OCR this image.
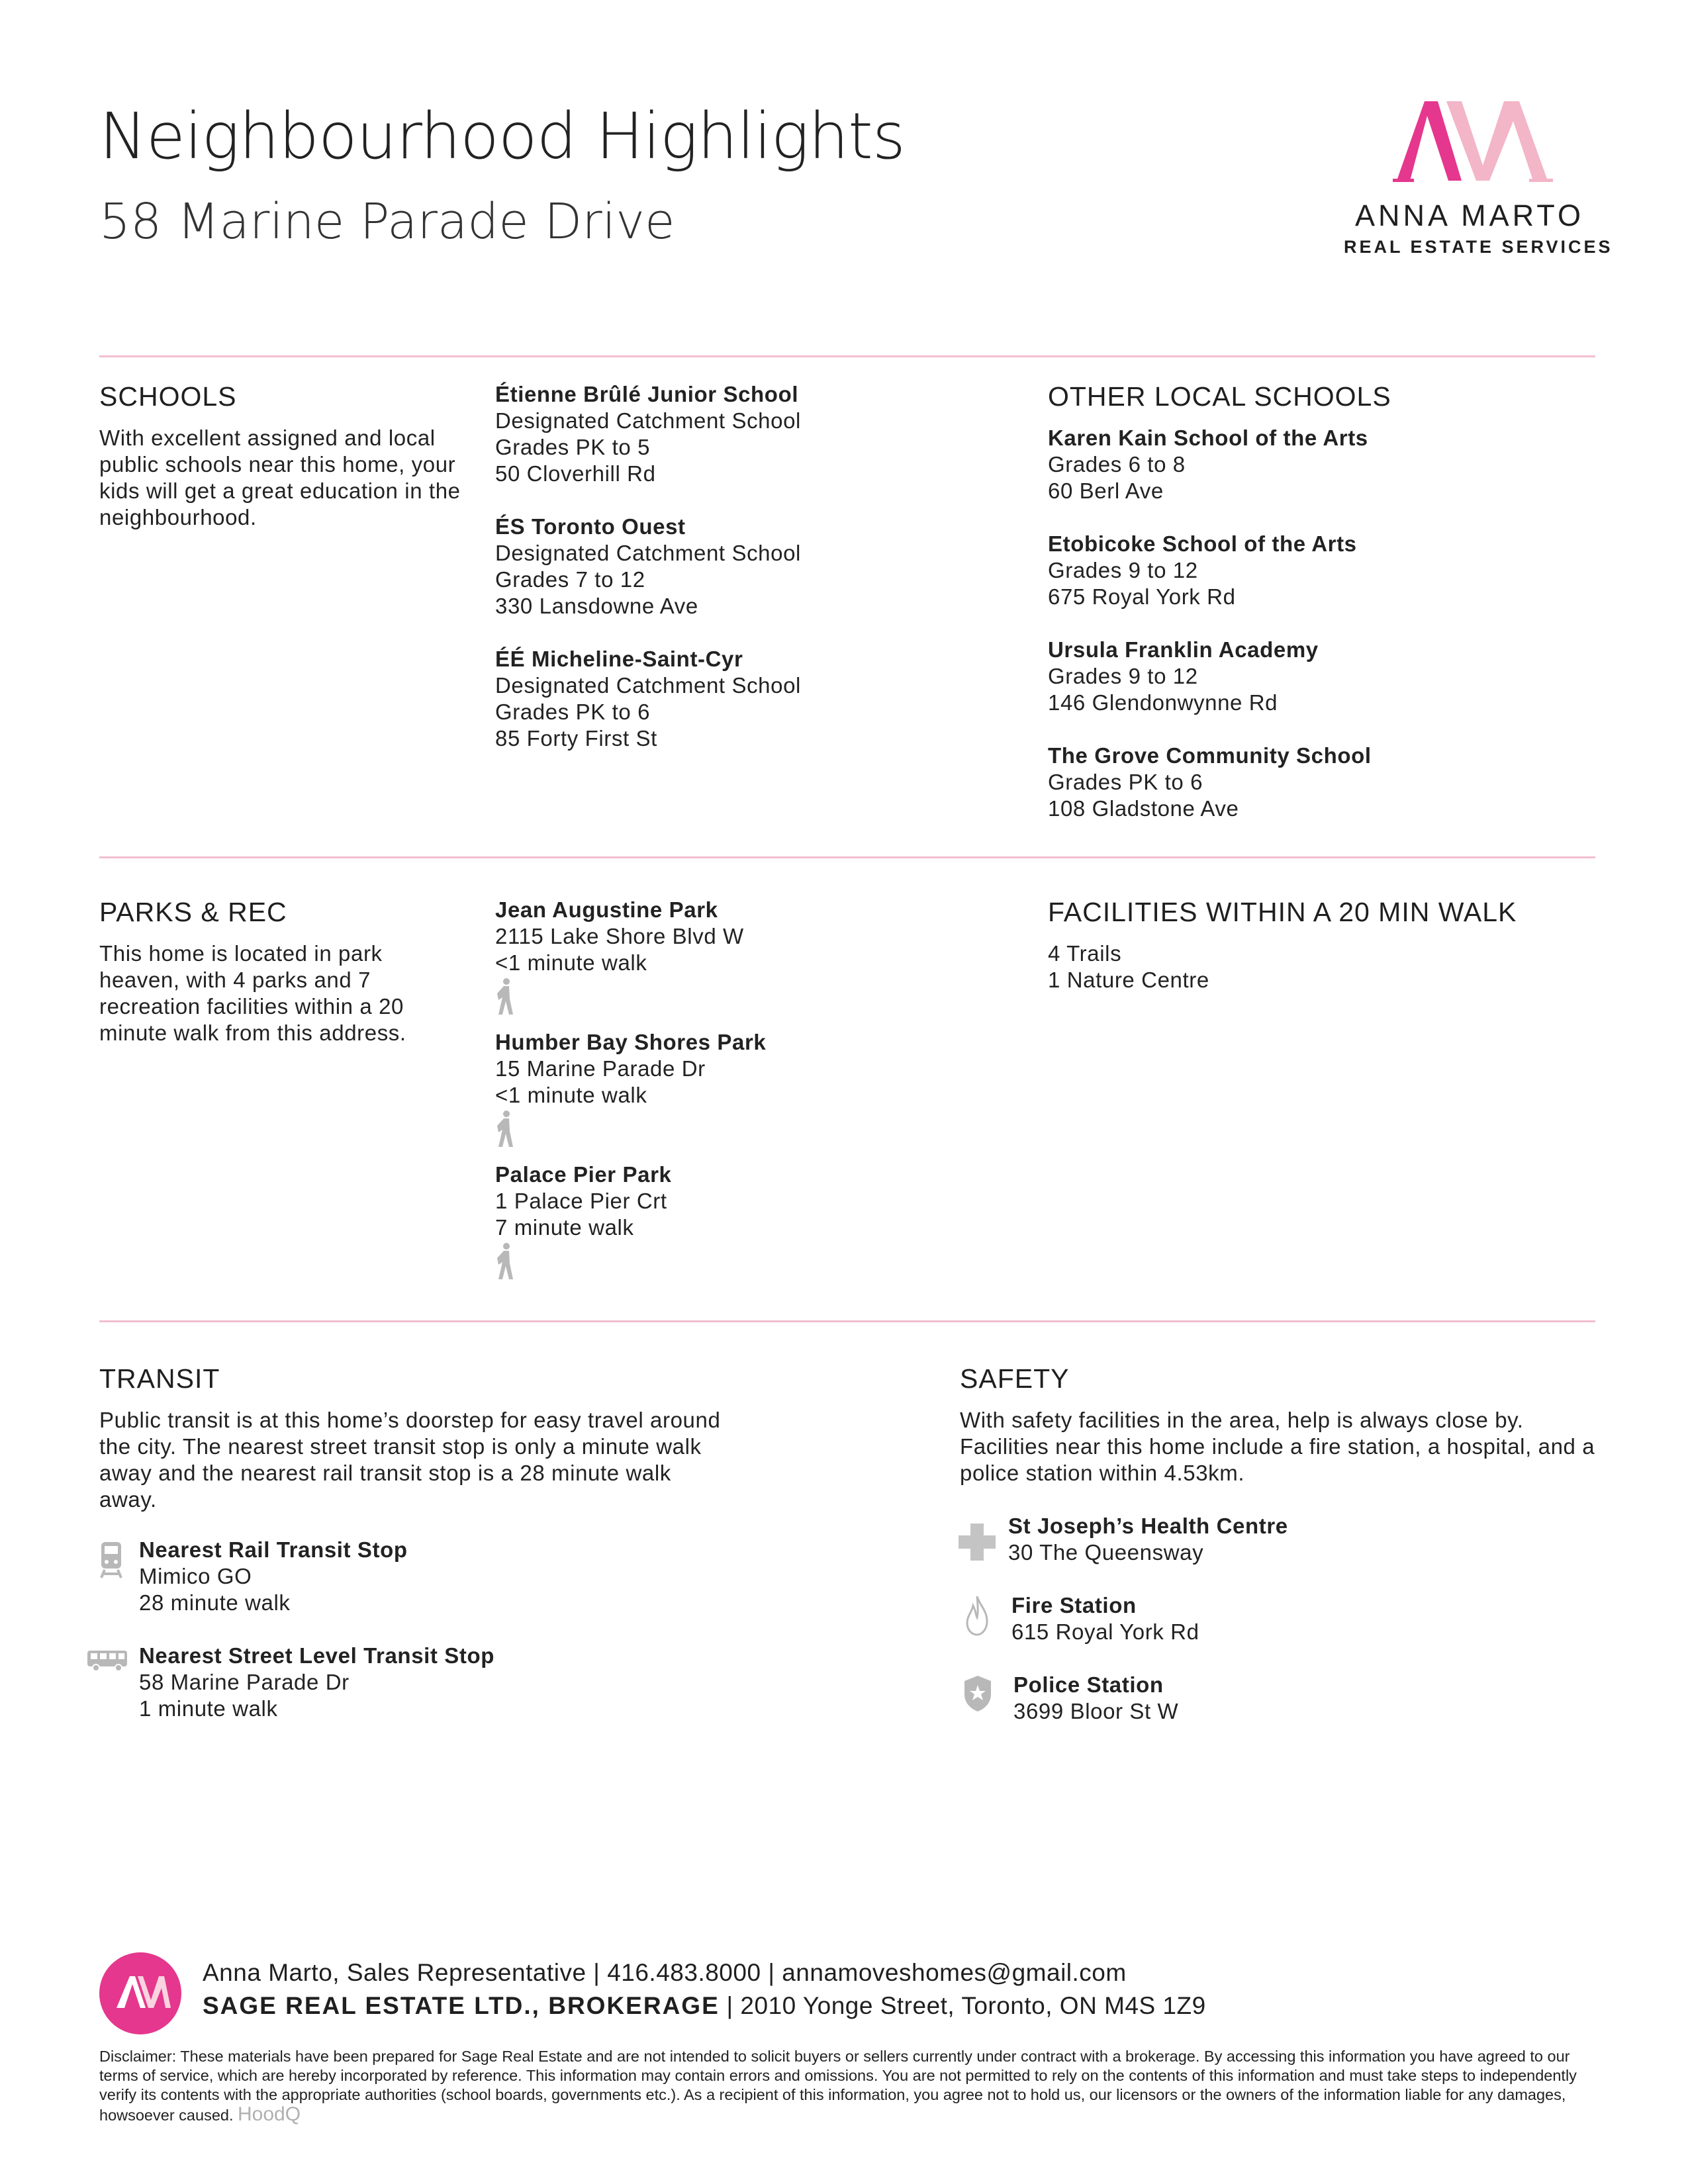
Neighbourhood Highlights
58 Marine Parade Drive	ANNA MARTO
REAL ESTATE SERVICES
SCHOOLS
With excellent assigned and local public schools near this home, your kids will get a great education in the neighbourhood.
Étienne Brûlé Junior School
Designated Catchment School
Grades PK to 5
50 Cloverhill Rd
ÉS Toronto Ouest
Designated Catchment School
Grades 7 to 12
330 Lansdowne Ave
ÉÉ Micheline-Saint-Cyr
Designated Catchment School
Grades PK to 6
85 Forty First St
OTHER LOCAL SCHOOLS
Karen Kain School of the Arts
Grades 6 to 8
60 Berl Ave
Etobicoke School of the Arts
Grades 9 to 12
675 Royal York Rd
Ursula Franklin Academy
Grades 9 to 12
146 Glendonwynne Rd
The Grove Community School
Grades PK to 6
108 Gladstone Ave
PARKS & REC
This home is located in park heaven, with 4 parks and 7 recreation facilities within a 20 minute walk from this address.
Jean Augustine Park
2115 Lake Shore Blvd W
<1 minute walk
Humber Bay Shores Park
15 Marine Parade Dr
<1 minute walk
Palace Pier Park
1 Palace Pier Crt
7 minute walk
FACILITIES WITHIN A 20 MIN WALK
4 Trails
1 Nature Centre
TRANSIT
Public transit is at this home’s doorstep for easy travel around the city. The nearest street transit stop is only a minute walk away and the nearest rail transit stop is a 28 minute walk away.
Nearest Rail Transit Stop
Mimico GO
28 minute walk
Nearest Street Level Transit Stop
58 Marine Parade Dr
1 minute walk
SAFETY
With safety facilities in the area, help is always close by. Facilities near this home include a fire station, a hospital, and a police station within 4.53km.
St Joseph’s Health Centre
30 The Queensway
Fire Station
615 Royal York Rd
Police Station
3699 Bloor St W
Anna Marto, Sales Representative | 416.483.8000 | annamoveshomes@gmail.com
SAGE REAL ESTATE LTD., BROKERAGE | 2010 Yonge Street, Toronto, ON M4S 1Z9
Disclaimer: These materials have been prepared for Sage Real Estate and are not intended to solicit buyers or sellers currently under contract with a brokerage. By accessing this information you have agreed to our terms of service, which are hereby incorporated by reference. This information may contain errors and omissions. You are not permitted to rely on the contents of this information and must take steps to independently verify its contents with the appropriate authorities (school boards, governments etc.). As a recipient of this information, you agree not to hold us, our licensors or the owners of the information liable for any damages, howsoever caused. HoodQ
